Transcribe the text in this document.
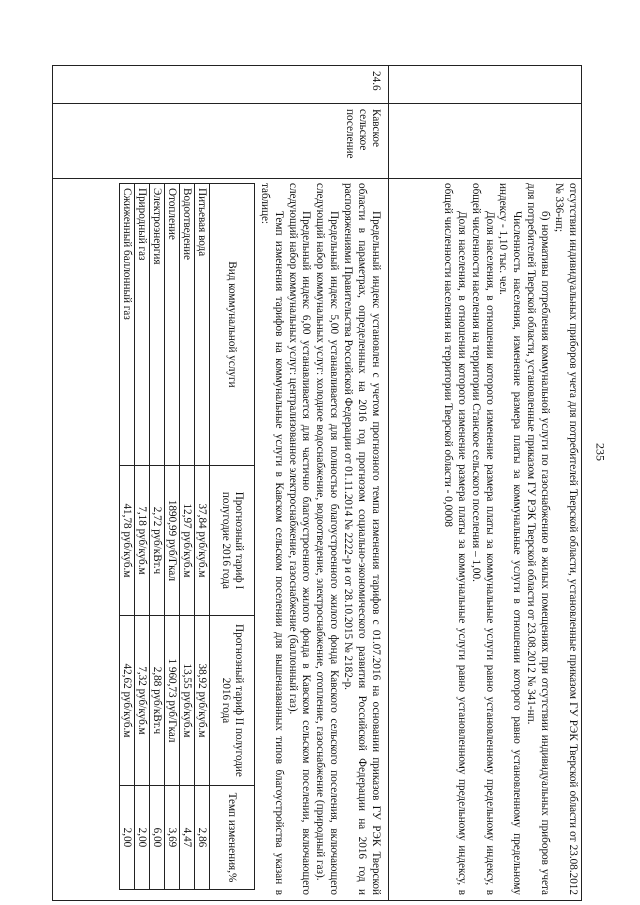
235

отсутствии индивидуальных приборов учета для потребителей Тверской области, установленные приказом ГУ РЭК Тверской области от 23.08.2012 № 336-нп;

б) нормативы потребления коммунальной услуги по газоснабжению в жилых помещениях при отсутствии индивидуальных приборов учета для потребителей Тверской области, установленные приказом ГУ РЭК Тверской области от 23.08.2012 № 341-нп.

Численность населения, изменение размера платы за коммунальные услуги в отношении которого равно установленному предельному индексу - 1,10 тыс. чел.

Доля населения, в отношении которого изменение размера платы за коммунальные услуги равно установленному предельному индексу, в общей численности населения на территории Станское сельского поселения – 1,00.

Доля населения, в отношении которого изменение размера платы за коммунальные услуги равно установленному предельному индексу, в общей численности населения на территории Тверской области - 0,0008

24.6
Кавское сельское поселение

Предельный индекс установлен с учетом прогнозного темпа изменения тарифов с 01.07.2016 на основании приказов ГУ РЭК Тверской области в параметрах, определенных на 2016 год прогнозом социально-экономического развития Российской Федерации на 2016 год и распоряжениями Правительства Российской Федерации от 01.11.2014 № 2222-р и от 28.10.2015 № 2182-р.

Предельный индекс 5,00 устанавливается для полностью благоустроенного жилого фонда Кавского сельского поселения, включающего следующий набор коммунальных услуг: холодное водоснабжение, водоотведение, электроснабжение, отопление, газоснабжение (природный газ).

Предельный индекс 6,00 устанавливается для частично благоустроенного жилого фонда в Кавском сельском поселении, включающего следующий набор коммунальных услуг: централизованное электроснабжение, газоснабжение (баллонный газ).

Темп изменения тарифов на коммунальные услуги в Кавском сельском поселении для вышеназванных типов благоустройства указан в таблице:

Вид коммунальной услуги	Прогнозный тариф I полугодие 2016 года	Прогнозный тариф II полугодие 2016 года	Темп изменения,%
Питьевая вода	37,84 руб/куб.м	38,92 руб/куб.м	2,86
Водоотведение	12,97 руб/куб.м	13,55 руб/куб.м	4,47
Отопление	1890,99 руб/Гкал	1 960,73 руб/Гкал	3,69
Электроэнергия	2,72 руб/кВт.ч	2,88 руб/кВт.ч	6,00
Природный газ	7,18 руб/куб.м	7,32 руб/куб.м	2,00
Сжиженный баллонный газ	41,78 руб/куб.м	42,62 руб/куб.м	2,00
